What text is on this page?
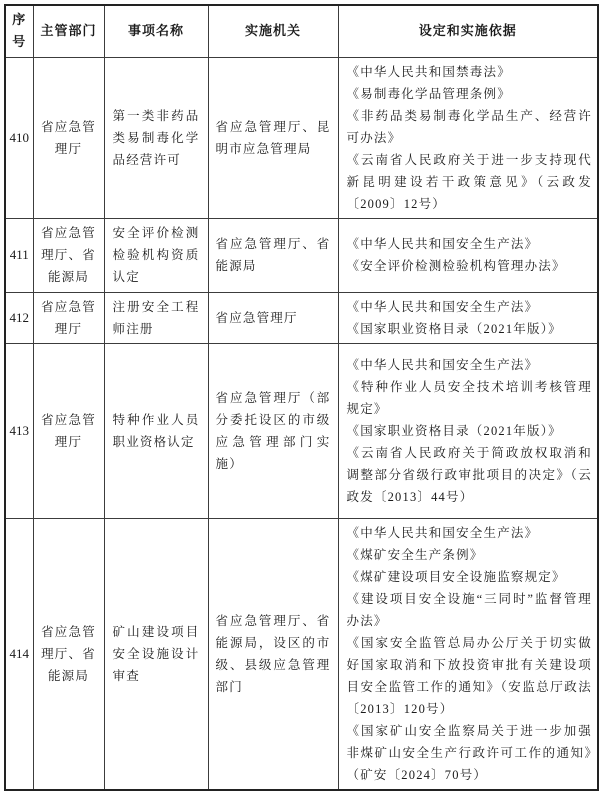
序号	主管部门	事项名称	实施机关	设定和实施依据
410	省应急管理厅	第一类非药品类易制毒化学品经营许可	省应急管理厅、昆明市应急管理局	《中华人民共和国禁毒法》

《易制毒化学品管理条例》

《非药品类易制毒化学品生产、经营许可办法》

《云南省人民政府关于进一步支持现代新昆明建设若干政策意见》（云政发〔2009〕12号）

411	省应急管理厅、省能源局	安全评价检测检验机构资质认定	省应急管理厅、省能源局	《中华人民共和国安全生产法》

《安全评价检测检验机构管理办法》

412	省应急管理厅	注册安全工程师注册	省应急管理厅	《中华人民共和国安全生产法》

《国家职业资格目录（2021年版）》

413	省应急管理厅	特种作业人员职业资格认定	省应急管理厅（部分委托设区的市级应急管理部门实施）	《中华人民共和国安全生产法》

《特种作业人员安全技术培训考核管理规定》

《国家职业资格目录（2021年版）》

《云南省人民政府关于简政放权取消和调整部分省级行政审批项目的决定》（云政发〔2013〕44号）

414	省应急管理厅、省能源局	矿山建设项目安全设施设计审查	省应急管理厅、省能源局，设区的市级、县级应急管理部门	

《中华人民共和国安全生产法》

《煤矿安全生产条例》

《煤矿建设项目安全设施监察规定》

《建设项目安全设施“三同时”监督管理办法》

《国家安全监管总局办公厅关于切实做好国家取消和下放投资审批有关建设项目安全监管工作的通知》（安监总厅政法〔2013〕120号）

《国家矿山安全监察局关于进一步加强非煤矿山安全生产行政许可工作的通知》（矿安〔2024〕70号）
